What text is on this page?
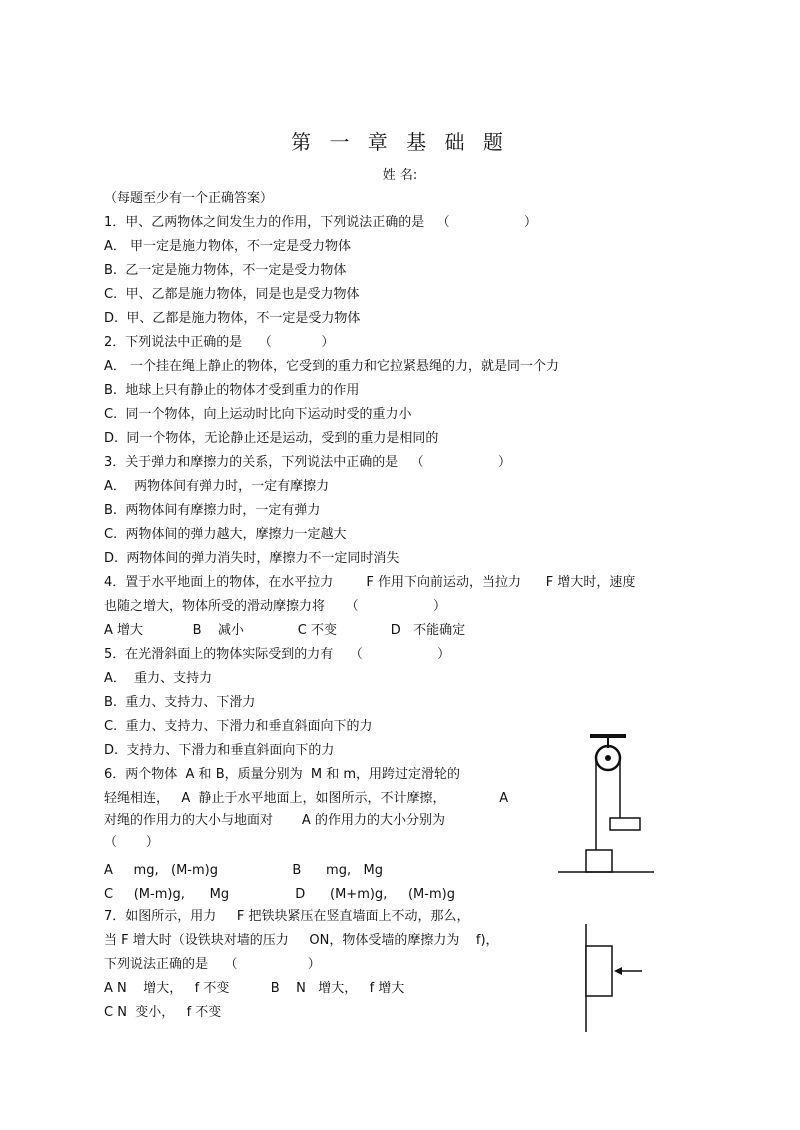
第 一 章 基 础 题
姓 名:
（每题至少有一个正确答案）
1．甲、乙两物体之间发生力的作用，下列说法正确的是   （                  ）
A． 甲一定是施力物体，不一定是受力物体
B.  乙一定是施力物体，不一定是受力物体
C.  甲、乙都是施力物体，同是也是受力物体
D.  甲、乙都是施力物体，不一定是受力物体
2．下列说法中正确的是    （            ）
A． 一个挂在绳上静止的物体，它受到的重力和它拉紧悬绳的力，就是同一个力
B.  地球上只有静止的物体才受到重力的作用
C.  同一个物体，向上运动时比向下运动时受的重力小
D.  同一个物体，无论静止还是运动，受到的重力是相同的
3．关于弹力和摩擦力的关系，下列说法中正确的是   （                  ）
A．  两物体间有弹力时，一定有摩擦力
B.  两物体间有摩擦力时，一定有弹力
C.  两物体间的弹力越大，摩擦力一定越大
D.  两物体间的弹力消失时，摩擦力不一定同时消失
4．置于水平地面上的物体，在水平拉力        F 作用下向前运动，当拉力      F 增大时，速度
也随之增大，物体所受的滑动摩擦力将     （                  ）
A 增大            B    减小             C 不变             D   不能确定
5．在光滑斜面上的物体实际受到的力有    （                  ）
A．  重力、支持力
B.  重力、支持力、下滑力
C.  重力、支持力、下滑力和垂直斜面向下的力
D.  支持力、下滑力和垂直斜面向下的力
6．两个物体  A 和 B，质量分别为  M 和 m，用跨过定滑轮的
轻绳相连，   A  静止于水平地面上，如图所示，不计摩擦，             A
对绳的作用力的大小与地面对       A 的作用力的大小分别为
（       ）
A     mg,   (M-m)g                  B      mg,   Mg
C     (M-m)g,      Mg                D      (M+m)g,     (M-m)g
7．如图所示，用力     F 把铁块紧压在竖直墙面上不动，那么，
当 F 增大时（设铁块对墙的压力     ON，物体受墙的摩擦力为    f)，
下列说法正确的是    （                 ）
A N    增大，   f 不变          B    N   增大，   f 增大
C N  变小，   f 不变
